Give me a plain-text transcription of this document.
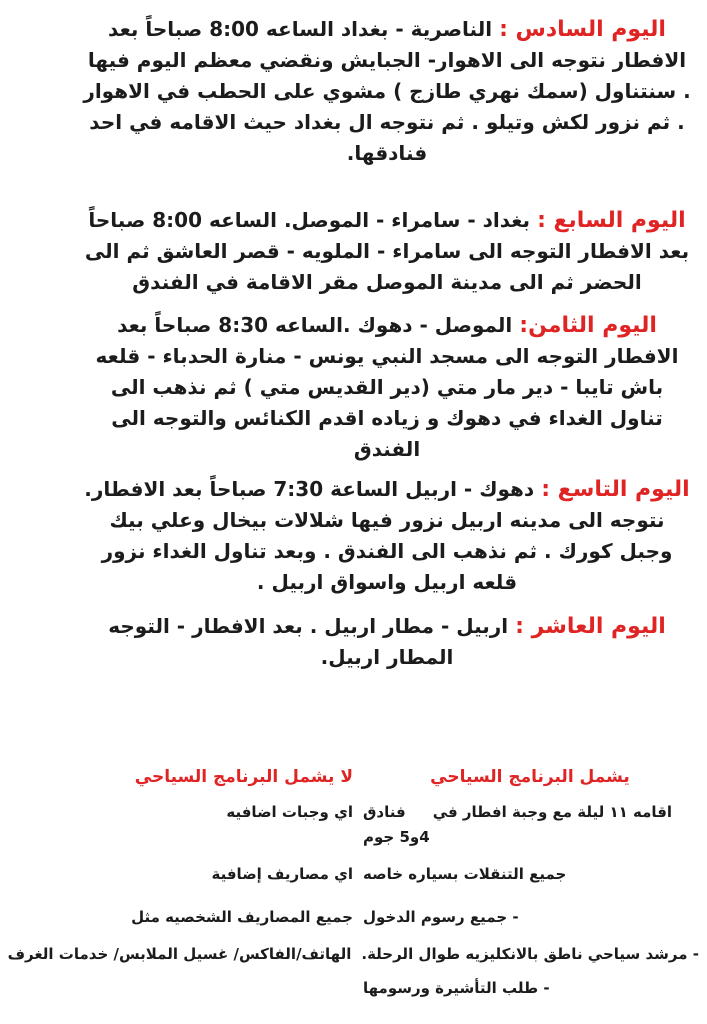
اليوم السادس :الناصرية - بغداد الساعه 8:00 صباحاً بعد الافطار نتوجه الى الاهوار- الجبايش ونقضي معظم اليوم فيها . سنتناول (سمك نهري طازج ) مشوي على الحطب في الاهوار . ثم نزور لكش وتيلو . ثم نتوجه ال بغداد حيث الاقامه في احد فنادقها.

اليوم السابع :بغداد - سامراء - الموصل. الساعه 8:00 صباحاً بعد الافطار التوجه الى سامراء - الملويه - قصر العاشق ثم الى الحضر ثم الى مدينة الموصل مقر الاقامة في الفندق

اليوم الثامن:الموصل - دهوك .الساعه 8:30 صباحاً بعد الافطار التوجه الى مسجد النبي يونس - منارة الحدباء - قلعه باش تايبا - دير مار متي (دير القديس متي ) ثم نذهب الى تناول الغداء في دهوك و زياده اقدم الكنائس والتوجه الى الفندق

اليوم التاسع :دهوك - اربيل الساعة 7:30 صباحاً بعد الافطار. نتوجه الى مدينه اربيل نزور فيها شلالات بيخال وعلي بيك وجبل كورك . ثم نذهب الى الفندق . وبعد تناول الغداء نزور قلعه اربيل واسواق اربيل .

اليوم العاشر :اربيل - مطار اربيل . بعد الافطار - التوجه المطار اربيل.

يشمل البرنامج السياحي
لا يشمل البرنامج السياحي
اقامه ١١ ليلة مع وجبة افطار فيفنادق
4و5 جوم
اي وجبات اضافيه
جميع التنقلات بسياره خاصه
اي مصاريف إضافية
- جميع رسوم الدخول
جميع المصاريف الشخصيه مثل
- مرشد سياحي ناطق بالانكليزيه طوال الرحلة.الهاتف/الفاكس/ غسيل الملابس/ خدمات الغرف
- طلب التأشيرة ورسومها
